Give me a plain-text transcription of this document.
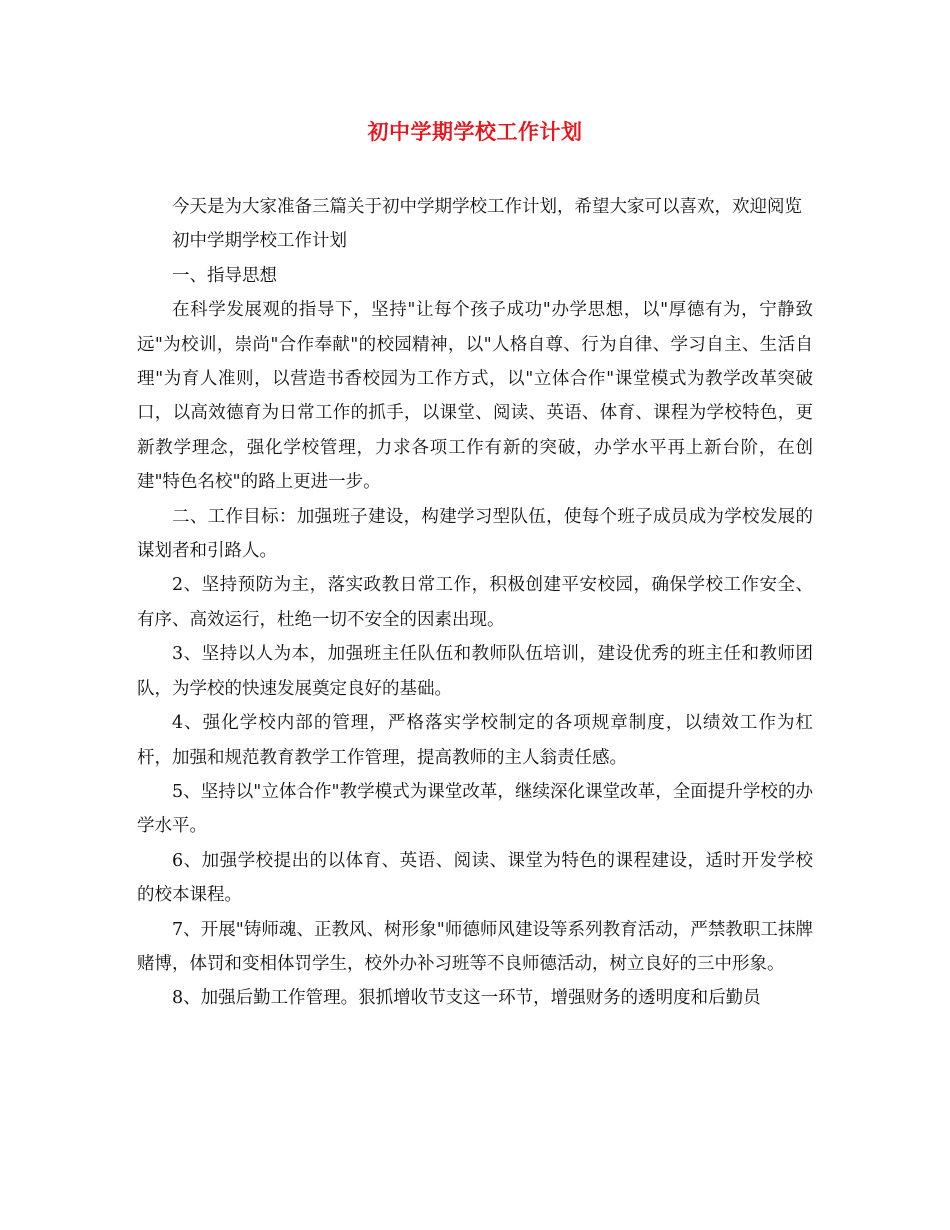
初中学期学校工作计划

今天是为大家准备三篇关于初中学期学校工作计划，希望大家可以喜欢，欢迎阅览

初中学期学校工作计划

一、指导思想

在科学发展观的指导下，坚持"让每个孩子成功"办学思想，以"厚德有为，宁静致远"为校训，崇尚"合作奉献"的校园精神，以"人格自尊、行为自律、学习自主、生活自理"为育人准则，以营造书香校园为工作方式，以"立体合作"课堂模式为教学改革突破口，以高效德育为日常工作的抓手，以课堂、阅读、英语、体育、课程为学校特色，更新教学理念，强化学校管理，力求各项工作有新的突破，办学水平再上新台阶，在创建"特色名校"的路上更进一步。

二、工作目标：加强班子建设，构建学习型队伍，使每个班子成员成为学校发展的谋划者和引路人。

2、坚持预防为主，落实政教日常工作，积极创建平安校园，确保学校工作安全、有序、高效运行，杜绝一切不安全的因素出现。

3、坚持以人为本，加强班主任队伍和教师队伍培训，建设优秀的班主任和教师团队，为学校的快速发展奠定良好的基础。

4、强化学校内部的管理，严格落实学校制定的各项规章制度，以绩效工作为杠杆，加强和规范教育教学工作管理，提高教师的主人翁责任感。

5、坚持以"立体合作"教学模式为课堂改革，继续深化课堂改革，全面提升学校的办学水平。

6、加强学校提出的以体育、英语、阅读、课堂为特色的课程建设，适时开发学校的校本课程。

7、开展"铸师魂、正教风、树形象"师德师风建设等系列教育活动，严禁教职工抹牌赌博，体罚和变相体罚学生，校外办补习班等不良师德活动，树立良好的三中形象。

8、加强后勤工作管理。狠抓增收节支这一环节，增强财务的透明度和后勤员
